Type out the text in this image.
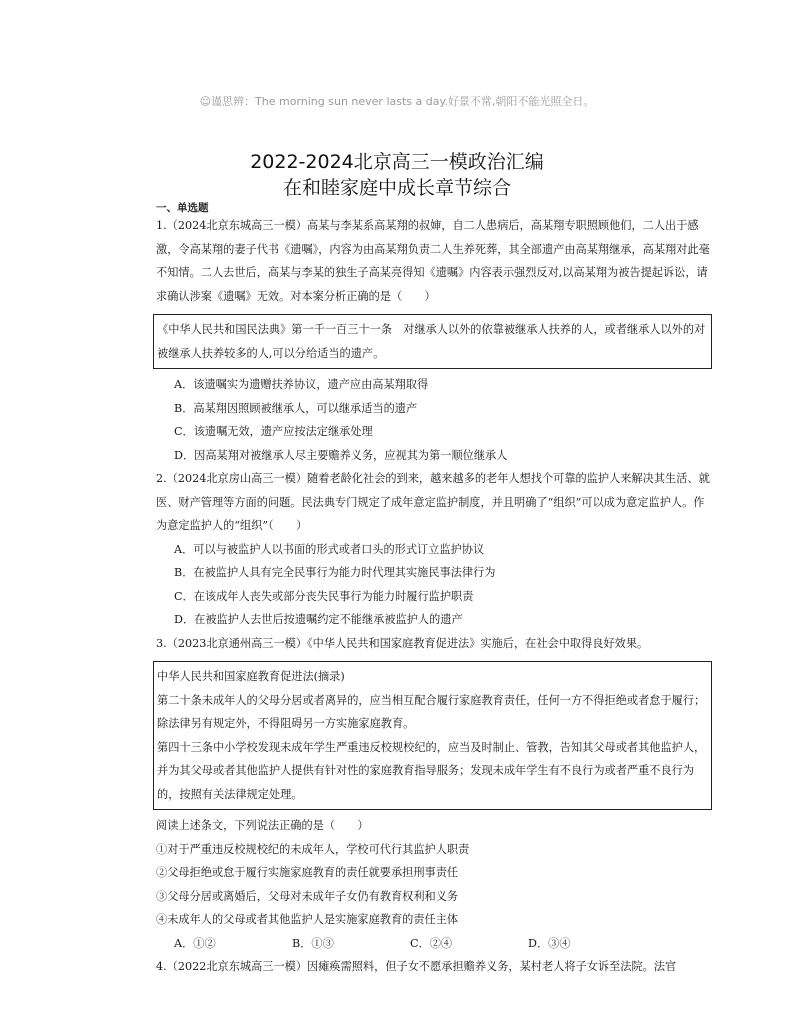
☺谨思辨：The morning sun never lasts a day.好景不常,朝阳不能光照全日。
2022-2024北京高三一模政治汇编
在和睦家庭中成长章节综合
一、单选题

1.（2024北京东城高三一模）高某与李某系高某翔的叔婶，自二人患病后，高某翔专职照顾他们，二人出于感激，令高某翔的妻子代书《遗嘱》，内容为由高某翔负责二人生养死葬，其全部遗产由高某翔继承，高某翔对此毫不知情。二人去世后，高某与李某的独生子高某亮得知《遗嘱》内容表示强烈反对,以高某翔为被告提起诉讼，请求确认涉案《遗嘱》无效。对本案分析正确的是（　　）

《中华人民共和国民法典》第一千一百三十一条　对继承人以外的依靠被继承人扶养的人，或者继承人以外的对被继承人扶养较多的人,可以分给适当的遗产。

A．该遗嘱实为遗赠扶养协议，遗产应由高某翔取得

B．高某翔因照顾被继承人，可以继承适当的遗产

C．该遗嘱无效，遗产应按法定继承处理

D．因高某翔对被继承人尽主要赡养义务，应视其为第一顺位继承人

2.（2024北京房山高三一模）随着老龄化社会的到来，越来越多的老年人想找个可靠的监护人来解决其生活、就医、财产管理等方面的问题。民法典专门规定了成年意定监护制度，并且明确了“组织”可以成为意定监护人。作为意定监护人的“组织”（　　）

A．可以与被监护人以书面的形式或者口头的形式订立监护协议

B．在被监护人具有完全民事行为能力时代理其实施民事法律行为

C．在该成年人丧失或部分丧失民事行为能力时履行监护职责

D．在被监护人去世后按遗嘱约定不能继承被监护人的遗产

3.（2023北京通州高三一模）《中华人民共和国家庭教育促进法》实施后，在社会中取得良好效果。

中华人民共和国家庭教育促进法(摘录)

第二十条未成年人的父母分居或者离异的，应当相互配合履行家庭教育责任，任何一方不得拒绝或者怠于履行；除法律另有规定外，不得阻碍另一方实施家庭教育。

第四十三条中小学校发现未成年学生严重违反校规校纪的，应当及时制止、管教，告知其父母或者其他监护人，并为其父母或者其他监护人提供有针对性的家庭教育指导服务；发现未成年学生有不良行为或者严重不良行为的，按照有关法律规定处理。

阅读上述条文，下列说法正确的是（　　）

①对于严重违反校规校纪的未成年人，学校可代行其监护人职责

②父母拒绝或怠于履行实施家庭教育的责任就要承担刑事责任

③父母分居或离婚后，父母对未成年子女仍有教育权利和义务

④未成年人的父母或者其他监护人是实施家庭教育的责任主体

A．①②	B．①③	C．②④	D．③④

4.（2022北京东城高三一模）因瘫痪需照料，但子女不愿承担赡养义务，某村老人将子女诉至法院。法官
